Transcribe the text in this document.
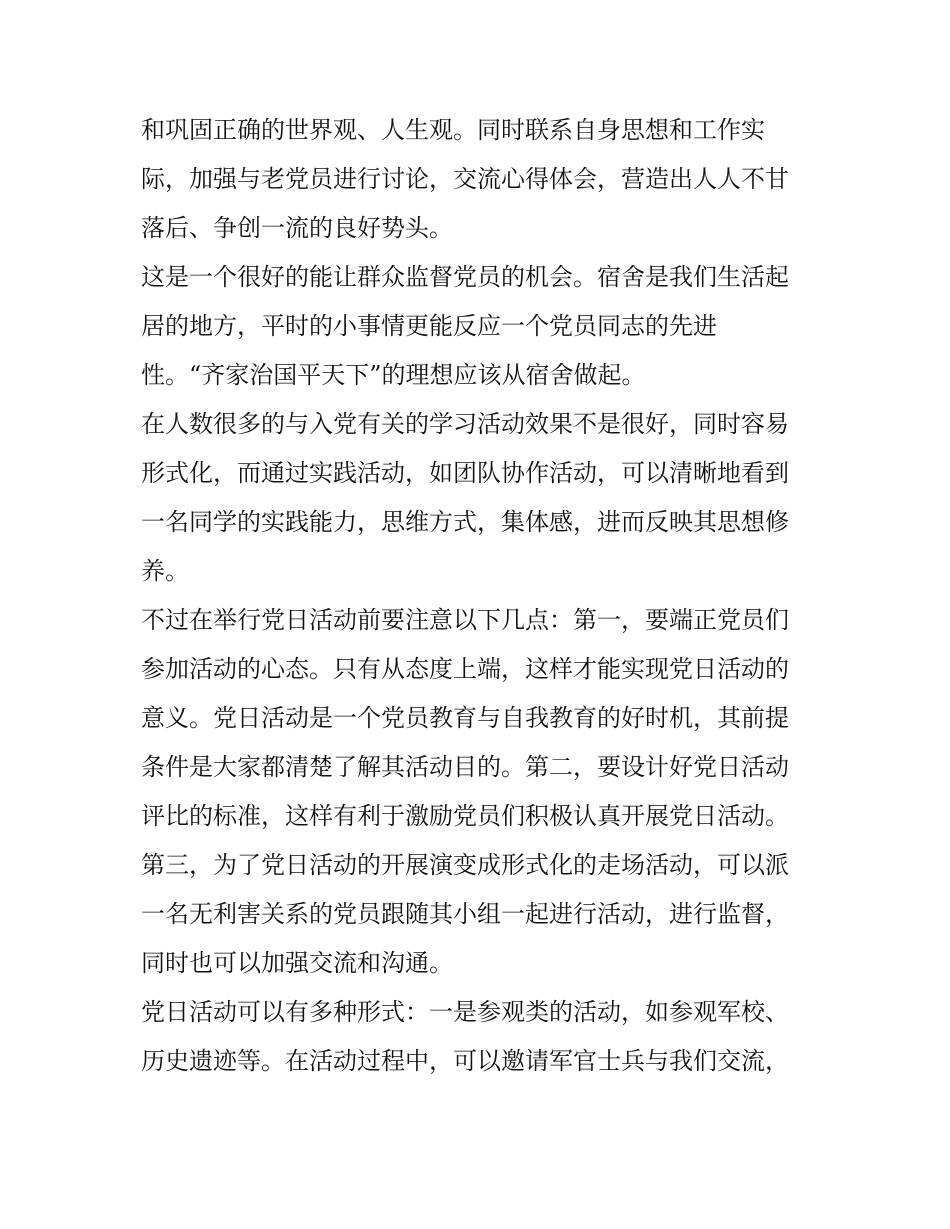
和巩固正确的世界观、人生观。同时联系自身思想和工作实
际，加强与老党员进行讨论，交流心得体会，营造出人人不甘
落后、争创一流的良好势头。
这是一个很好的能让群众监督党员的机会。宿舍是我们生活起
居的地方，平时的小事情更能反应一个党员同志的先进
性。“齐家治国平天下”的理想应该从宿舍做起。
在人数很多的与入党有关的学习活动效果不是很好，同时容易
形式化，而通过实践活动，如团队协作活动，可以清晰地看到
一名同学的实践能力，思维方式，集体感，进而反映其思想修
养。
不过在举行党日活动前要注意以下几点：第一，要端正党员们
参加活动的心态。只有从态度上端，这样才能实现党日活动的
意义。党日活动是一个党员教育与自我教育的好时机，其前提
条件是大家都清楚了解其活动目的。第二，要设计好党日活动
评比的标准，这样有利于激励党员们积极认真开展党日活动。
第三，为了党日活动的开展演变成形式化的走场活动，可以派
一名无利害关系的党员跟随其小组一起进行活动，进行监督，
同时也可以加强交流和沟通。
党日活动可以有多种形式：一是参观类的活动，如参观军校、
历史遗迹等。在活动过程中，可以邀请军官士兵与我们交流，
